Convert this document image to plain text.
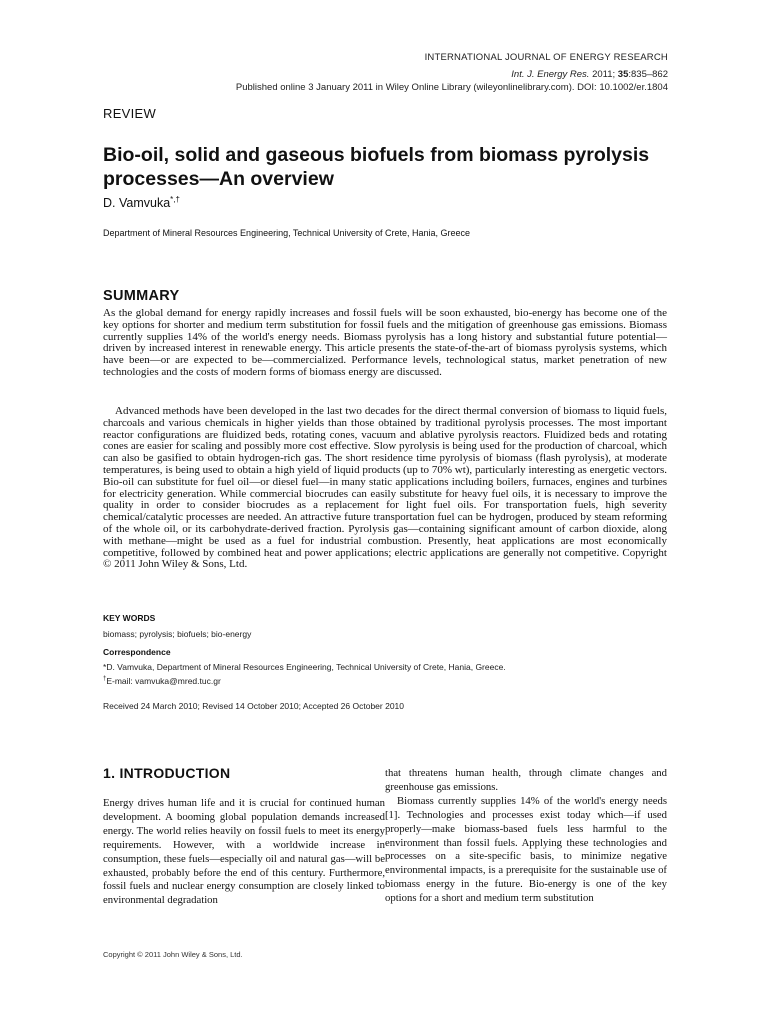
INTERNATIONAL JOURNAL OF ENERGY RESEARCH
Int. J. Energy Res. 2011; 35:835–862
Published online 3 January 2011 in Wiley Online Library (wileyonlinelibrary.com). DOI: 10.1002/er.1804
REVIEW
Bio-oil, solid and gaseous biofuels from biomass pyrolysis processes—An overview
D. Vamvuka*,†
Department of Mineral Resources Engineering, Technical University of Crete, Hania, Greece
SUMMARY
As the global demand for energy rapidly increases and fossil fuels will be soon exhausted, bio-energy has become one of the key options for shorter and medium term substitution for fossil fuels and the mitigation of greenhouse gas emissions. Biomass currently supplies 14% of the world's energy needs. Biomass pyrolysis has a long history and substantial future potential—driven by increased interest in renewable energy. This article presents the state-of-the-art of biomass pyrolysis systems, which have been—or are expected to be—commercialized. Performance levels, technological status, market penetration of new technologies and the costs of modern forms of biomass energy are discussed.
Advanced methods have been developed in the last two decades for the direct thermal conversion of biomass to liquid fuels, charcoals and various chemicals in higher yields than those obtained by traditional pyrolysis processes. The most important reactor configurations are fluidized beds, rotating cones, vacuum and ablative pyrolysis reactors. Fluidized beds and rotating cones are easier for scaling and possibly more cost effective. Slow pyrolysis is being used for the production of charcoal, which can also be gasified to obtain hydrogen-rich gas. The short residence time pyrolysis of biomass (flash pyrolysis), at moderate temperatures, is being used to obtain a high yield of liquid products (up to 70% wt), particularly interesting as energetic vectors. Bio-oil can substitute for fuel oil—or diesel fuel—in many static applications including boilers, furnaces, engines and turbines for electricity generation. While commercial biocrudes can easily substitute for heavy fuel oils, it is necessary to improve the quality in order to consider biocrudes as a replacement for light fuel oils. For transportation fuels, high severity chemical/catalytic processes are needed. An attractive future transportation fuel can be hydrogen, produced by steam reforming of the whole oil, or its carbohydrate-derived fraction. Pyrolysis gas—containing significant amount of carbon dioxide, along with methane—might be used as a fuel for industrial combustion. Presently, heat applications are most economically competitive, followed by combined heat and power applications; electric applications are generally not competitive. Copyright © 2011 John Wiley & Sons, Ltd.
KEY WORDS
biomass; pyrolysis; biofuels; bio-energy
Correspondence
*D. Vamvuka, Department of Mineral Resources Engineering, Technical University of Crete, Hania, Greece.
†E-mail: vamvuka@mred.tuc.gr
Received 24 March 2010; Revised 14 October 2010; Accepted 26 October 2010
1. INTRODUCTION

Energy drives human life and it is crucial for continued human development. A booming global population demands increased energy. The world relies heavily on fossil fuels to meet its energy requirements. However, with a worldwide increase in consumption, these fuels—especially oil and natural gas—will be exhausted, probably before the end of this century. Furthermore, fossil fuels and nuclear energy consumption are closely linked to environmental degradation

that threatens human health, through climate changes and greenhouse gas emissions.

Biomass currently supplies 14% of the world's energy needs [1]. Technologies and processes exist today which—if used properly—make biomass-based fuels less harmful to the environment than fossil fuels. Applying these technologies and processes on a site-specific basis, to minimize negative environmental impacts, is a prerequisite for the sustainable use of biomass energy in the future. Bio-energy is one of the key options for a short and medium term substitution

Copyright © 2011 John Wiley & Sons, Ltd.
